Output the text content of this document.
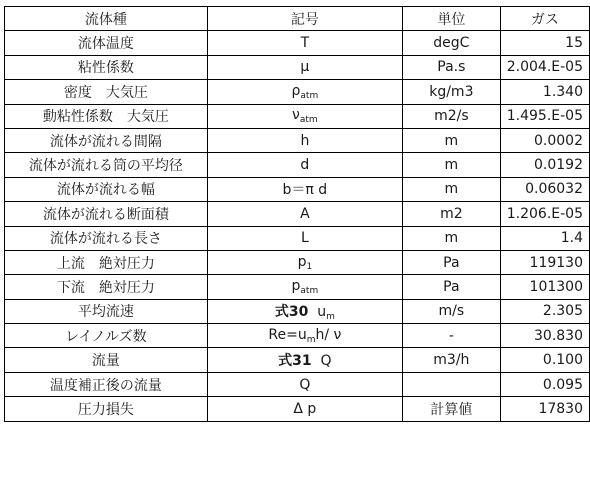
流体種	記号	単位	ガス
流体温度	T	degC	15
粘性係数	μ	Pa.s	2.004.E-05
密度　大気圧	$\rho_{atm}$	kg/m3	1.340
動粘性係数　大気圧	$\nu_{atm}$	m2/s	1.495.E-05
流体が流れる間隔	h	m	0.0002
流体が流れる筒の平均径	d	m	0.0192
流体が流れる幅	b＝π d	m	0.06032
流体が流れる断面積	A	m2	1.206.E-05
流体が流れる長さ	L	m	1.4
上流　絶対圧力	$p_1$	Pa	119130
下流　絶対圧力	$p_{atm}$	Pa	101300
平均流速	式30 $u_m$	m/s	2.305
レイノルズ数	$Re=u_mh/$ ν	-	30.830
流量	式31 Q	m3/h	0.100
温度補正後の流量	Q		0.095
圧力損失	Δ p	計算値	17830
